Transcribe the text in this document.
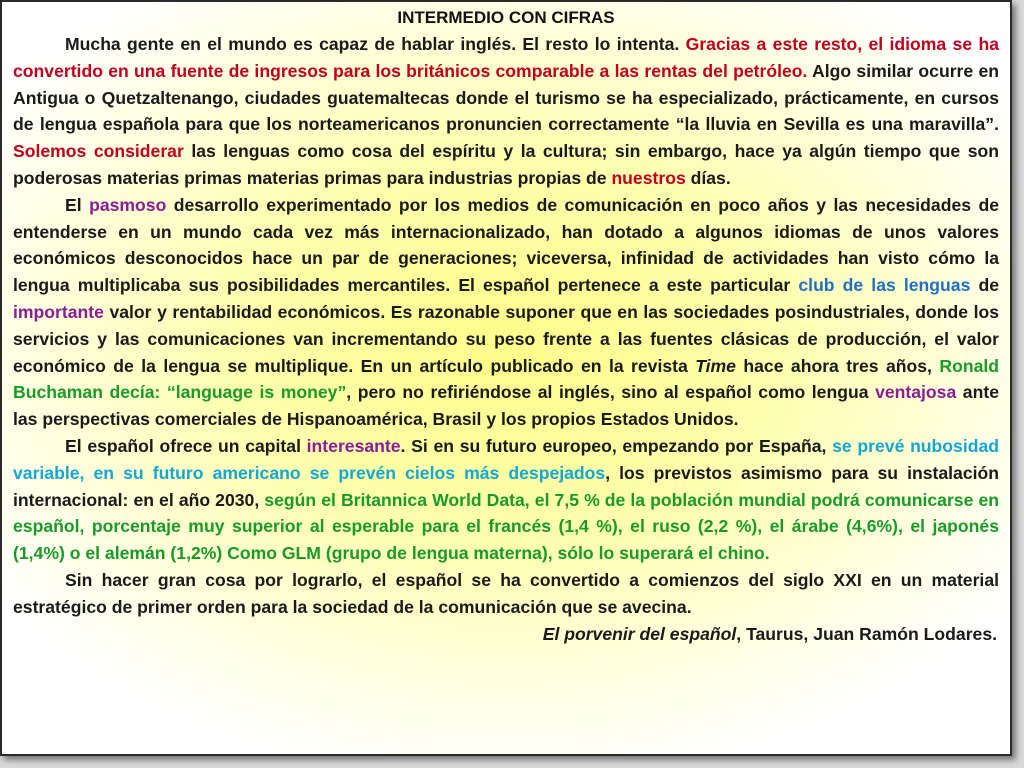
INTERMEDIO CON CIFRAS

Mucha gente en el mundo es capaz de hablar inglés. El resto lo intenta. Gracias a este resto, el idioma se ha convertido en una fuente de ingresos para los británicos comparable a las rentas del petróleo. Algo similar ocurre en Antigua o Quetzaltenango, ciudades guatemaltecas donde el turismo se ha especializado, prácticamente, en cursos de lengua española para que los norteamericanos pronuncien correctamente “la lluvia en Sevilla es una maravilla”. Solemos considerar las lenguas como cosa del espíritu y la cultura; sin embargo, hace ya algún tiempo que son poderosas materias primas materias primas para industrias propias de nuestros días.

El pasmoso desarrollo experimentado por los medios de comunicación en poco años y las necesidades de entenderse en un mundo cada vez más internacionalizado, han dotado a algunos idiomas de unos valores económicos desconocidos hace un par de generaciones; viceversa, infinidad de actividades han visto cómo la lengua multiplicaba sus posibilidades mercantiles. El español pertenece a este particular club de las lenguas de importante valor y rentabilidad económicos. Es razonable suponer que en las sociedades posindustriales, donde los servicios y las comunicaciones van incrementando su peso frente a las fuentes clásicas de producción, el valor económico de la lengua se multiplique. En un artículo publicado en la revista Time hace ahora tres años, Ronald Buchaman decía: “language is money”, pero no refiriéndose al inglés, sino al español como lengua ventajosa ante las perspectivas comerciales de Hispanoamérica, Brasil y los propios Estados Unidos.

El español ofrece un capital interesante. Si en su futuro europeo, empezando por España, se prevé nubosidad variable, en su futuro americano se prevén cielos más despejados, los previstos asimismo para su instalación internacional: en el año 2030, según el Britannica World Data, el 7,5 % de la población mundial podrá comunicarse en español, porcentaje muy superior al esperable para el francés (1,4 %), el ruso (2,2 %), el árabe (4,6%), el japonés (1,4%) o el alemán (1,2%) Como GLM (grupo de lengua materna), sólo lo superará el chino.

Sin hacer gran cosa por lograrlo, el español se ha convertido a comienzos del siglo XXI en un material estratégico de primer orden para la sociedad de la comunicación que se avecina.

El porvenir del español, Taurus, Juan Ramón Lodares.
